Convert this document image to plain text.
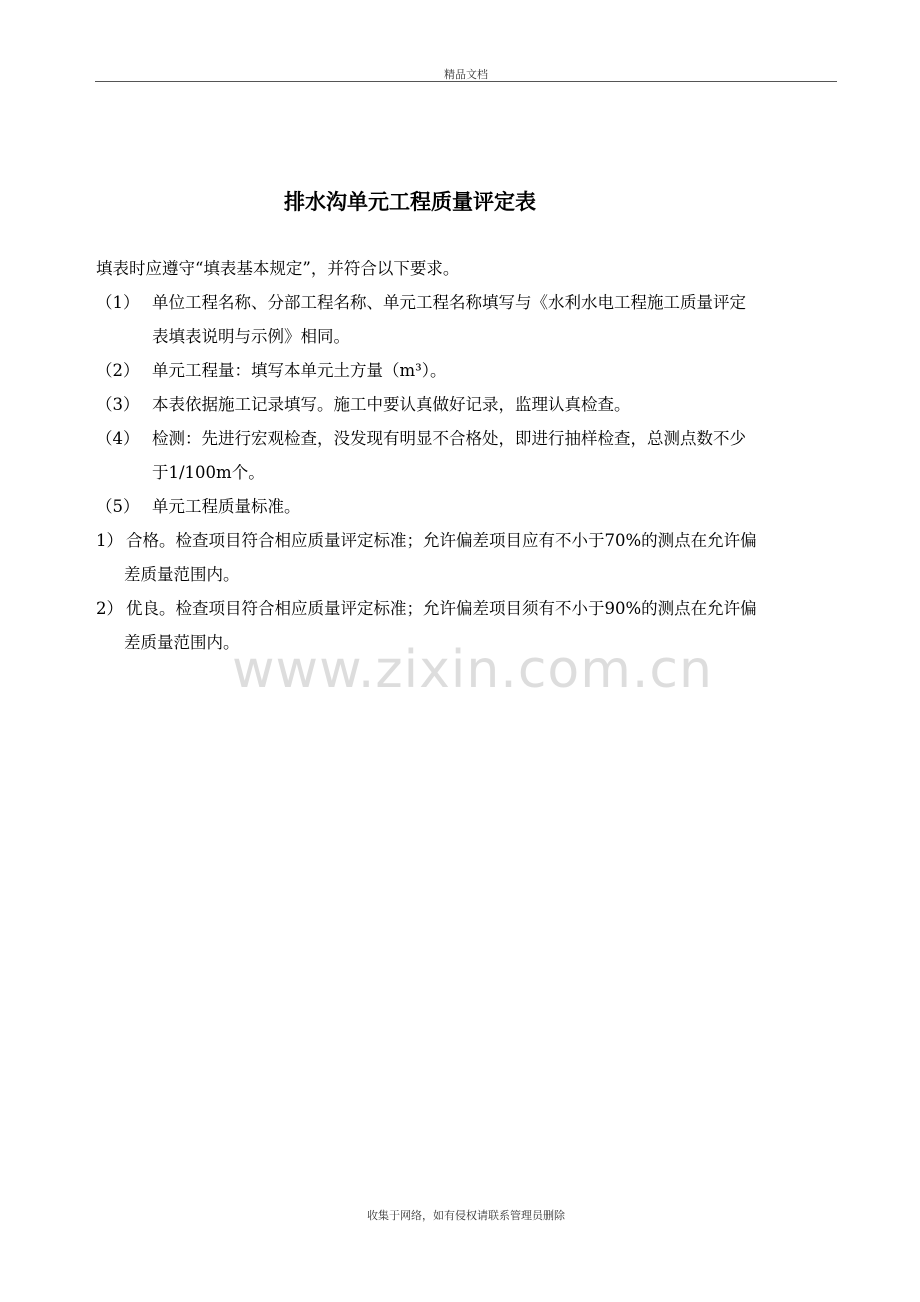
精品文档
排水沟单元工程质量评定表
填表时应遵守“填表基本规定”，并符合以下要求。
（1） 单位工程名称、分部工程名称、单元工程名称填写与《水利水电工程施工质量评定
表填表说明与示例》相同。
（2） 单元工程量：填写本单元土方量（m³）。
（3） 本表依据施工记录填写。施工中要认真做好记录，监理认真检查。
（4） 检测：先进行宏观检查，没发现有明显不合格处，即进行抽样检查，总测点数不少
于1/100m个。
（5） 单元工程质量标准。
1） 合格。检查项目符合相应质量评定标准；允许偏差项目应有不小于70%的测点在允许偏
差质量范围内。
2） 优良。检查项目符合相应质量评定标准；允许偏差项目须有不小于90%的测点在允许偏
差质量范围内。
www.zixin.com.cn
收集于网络，如有侵权请联系管理员删除
